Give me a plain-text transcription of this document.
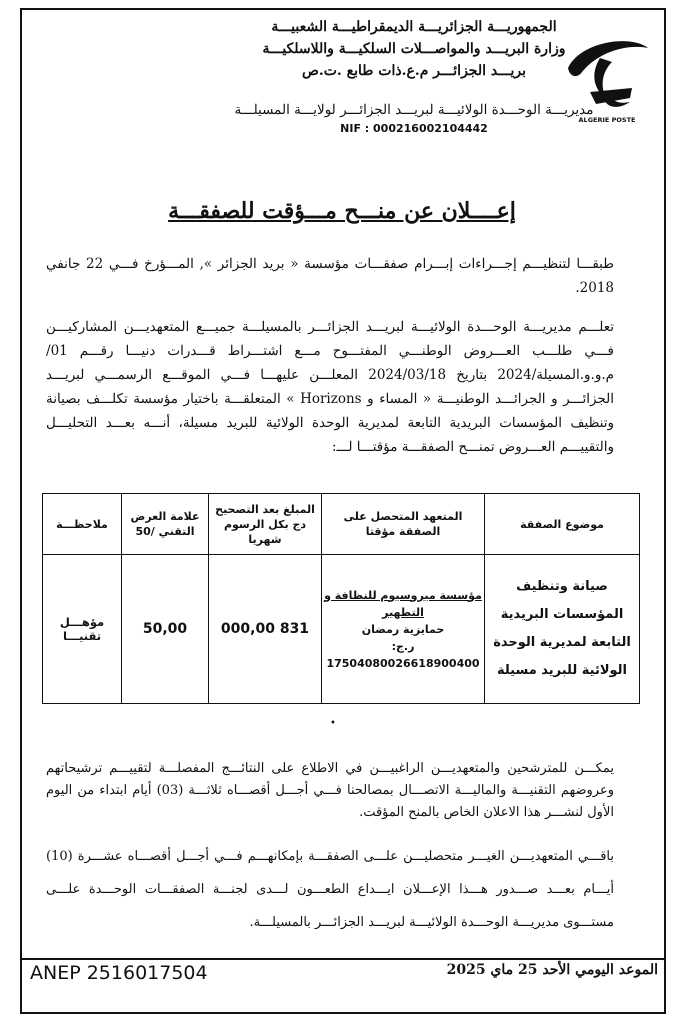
الجمهوريـــة الجزائريـــة الديمقراطيـــة الشعبيـــة
وزارة البريـــد والمواصـــلات السلكيـــة واللاسلكيـــة
بريـــد الجزائـــر م.ع.ذات طابع .ت.ص
مديريـــة الوحـــدة الولائيـــة لبريـــد الجزائـــر لولايـــة المسيلـــة
NIF : 000216002104442
ALGERIE POSTE
إعــــلان عن منـــح مـــؤقت للصفقـــة
طبقـــا لتنظيـــم إجـــراءات إبـــرام صفقـــات مؤسسة « بريد الجزائر », المـــؤرخ فـــي 22 جانفي 2018.
تعلـــم مديريـــة الوحـــدة الولائيـــة لبريـــد الجزائـــر بالمسيلـــة جميـــع المتعهديـــن المشاركيـــن فـــي طلـــب العـــروض الوطنـــي المفتـــوح مـــع اشتـــراط قـــدرات دنيـــا رقـــم 01/ م.و.و.المسيلة/2024 بتاريخ 2024/03/18 المعلـــن عليهـــا فـــي الموقـــع الرسمـــي لبريـــد الجزائـــر و الجرائـــد الوطنيـــة « المساء و Horizons » المتعلقـــة باختيار مؤسسة تكلـــف بصيانة وتنظيف المؤسسات البريدية التابعة لمديرية الوحدة الولائية للبريد مسيلة، أنـــه بعـــد التحليـــل والتقييـــم العـــروض تمنـــح الصفقـــة مؤقتـــا لـــ:
موضوع الصفقة	المتعهد المتحصل على الصفقة مؤقتا	المبلغ بعد التصحيح دج بكل الرسوم شهريا	علامة العرض التقني /50	ملاحظـــة
صيانة وتنظيف المؤسسات البريدية التابعة لمديرية الوحدة الولائية للبريد مسيلة	مؤسسة ميروسيوم للنظافة و التطهير
حمايزية رمضان
ر.ج:
17504080026618900400	831 000,00	50,00	مؤهـــل تقنيـــا
•
يمكـــن للمترشحين والمتعهديـــن الراغبيـــن في الاطلاع على النتائـــج المفصلـــة لتقييـــم ترشيحاتهم وعروضهم التقنيـــة والماليـــة الاتصـــال بمصالحنا فـــي أجـــل أقصـــاه ثلاثـــة (03) أيام ابتداء من اليوم الأول لنشـــر هذا الاعلان الخاص بالمنح المؤقت.
باقـــي المتعهديـــن الغيـــر متحصليـــن علـــى الصفقـــة بإمكانهـــم فـــي أجـــل أقصـــاه عشـــرة (10) أيـــام بعـــد صـــدور هـــذا الإعـــلان ايـــداع الطعـــون لـــدى لجنـــة الصفقـــات الوحـــدة علـــى مستـــوى مديريـــة الوحـــدة الولائيـــة لبريـــد الجزائـــر بالمسيلـــة.
ANEP 2516017504	الموعد اليومي الأحد 25 ماي 2025
